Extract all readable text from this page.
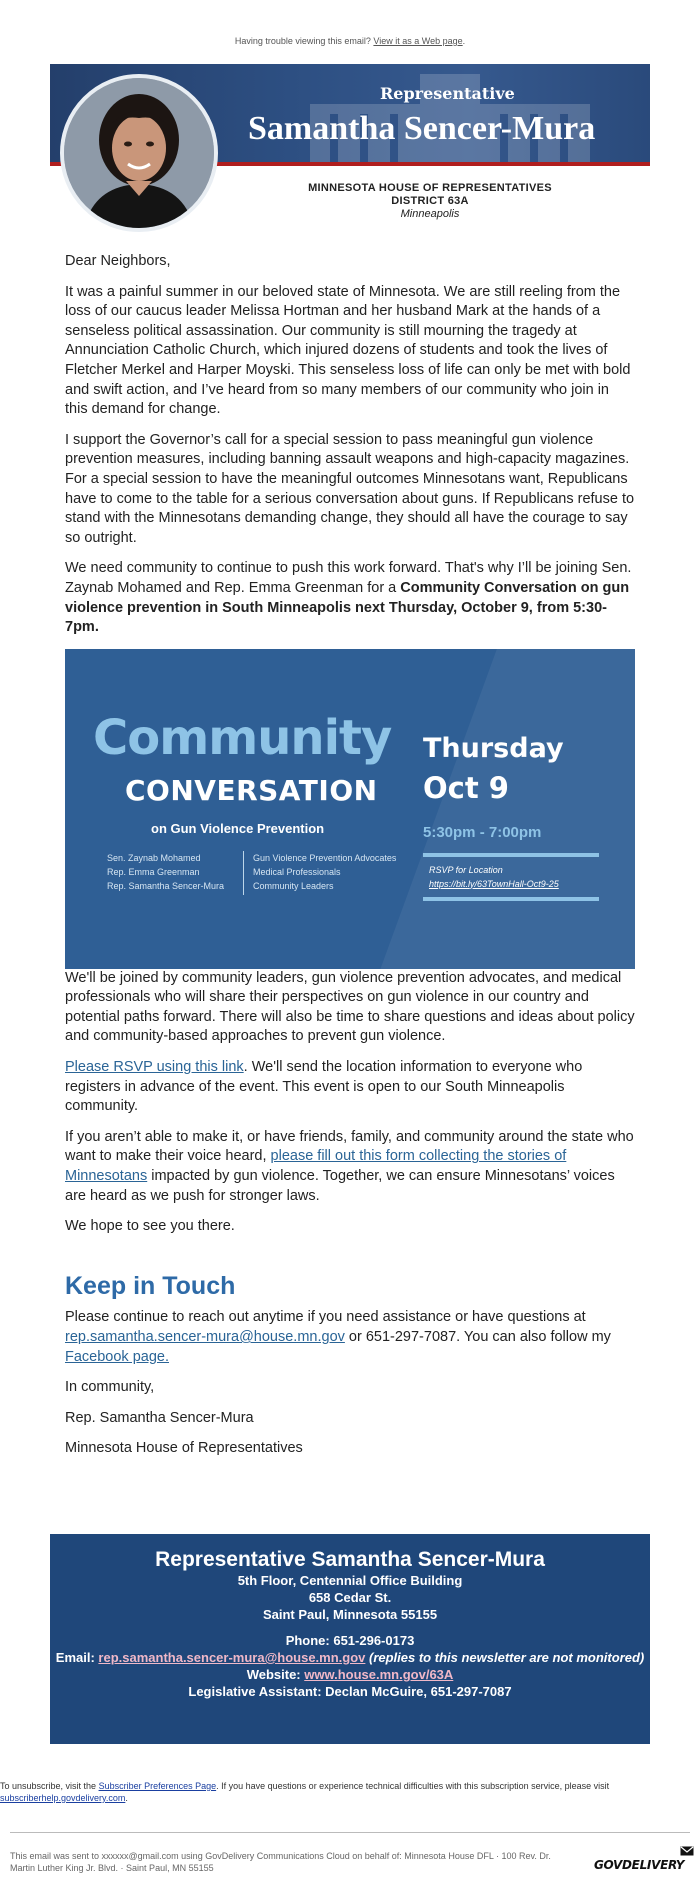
Having trouble viewing this email? View it as a Web page.
Representative
Samantha Sencer-Mura
MINNESOTA HOUSE OF REPRESENTATIVES
DISTRICT 63A
Minneapolis

Dear Neighbors,

It was a painful summer in our beloved state of Minnesota. We are still reeling from the loss of our caucus leader Melissa Hortman and her husband Mark at the hands of a senseless political assassination. Our community is still mourning the tragedy at Annunciation Catholic Church, which injured dozens of students and took the lives of Fletcher Merkel and Harper Moyski. This senseless loss of life can only be met with bold and swift action, and I’ve heard from so many members of our community who join in this demand for change.

I support the Governor’s call for a special session to pass meaningful gun violence prevention measures, including banning assault weapons and high-capacity magazines. For a special session to have the meaningful outcomes Minnesotans want, Republicans have to come to the table for a serious conversation about guns. If Republicans refuse to stand with the Minnesotans demanding change, they should all have the courage to say so outright.

We need community to continue to push this work forward. That's why I’ll be joining Sen. Zaynab Mohamed and Rep. Emma Greenman for a Community Conversation on gun violence prevention in South Minneapolis next Thursday, October 9, from 5:30-7pm.

Community
CONVERSATION
on Gun Violence Prevention
Sen. Zaynab Mohamed
Rep. Emma Greenman
Rep. Samantha Sencer-Mura
Gun Violence Prevention Advocates
Medical Professionals
Community Leaders
Thursday
Oct 9
5:30pm - 7:00pm
RSVP for Location
https://bit.ly/63TownHall-Oct9-25

We'll be joined by community leaders, gun violence prevention advocates, and medical professionals who will share their perspectives on gun violence in our country and potential paths forward. There will also be time to share questions and ideas about policy and community-based approaches to prevent gun violence.

Please RSVP using this link. We'll send the location information to everyone who registers in advance of the event. This event is open to our South Minneapolis community.

If you aren’t able to make it, or have friends, family, and community around the state who want to make their voice heard, please fill out this form collecting the stories of Minnesotans impacted by gun violence. Together, we can ensure Minnesotans’ voices are heard as we push for stronger laws.

We hope to see you there.

Keep in Touch

Please continue to reach out anytime if you need assistance or have questions at rep.samantha.sencer-mura@house.mn.gov or 651-297-7087. You can also follow my Facebook page.

In community,

Rep. Samantha Sencer-Mura

Minnesota House of Representatives

Representative Samantha Sencer-Mura
5th Floor, Centennial Office Building
658 Cedar St.
Saint Paul, Minnesota 55155
Phone: 651-296-0173
Email: rep.samantha.sencer-mura@house.mn.gov (replies to this newsletter are not monitored)
Website: www.house.mn.gov/63A
Legislative Assistant: Declan McGuire, 651-297-7087
To unsubscribe, visit the Subscriber Preferences Page. If you have questions or experience technical difficulties with this subscription service, please visit subscriberhelp.govdelivery.com.
This email was sent to xxxxxx@gmail.com using GovDelivery Communications Cloud on behalf of: Minnesota House DFL · 100 Rev. Dr. Martin Luther King Jr. Blvd. · Saint Paul, MN 55155	GOVDELIVERY
